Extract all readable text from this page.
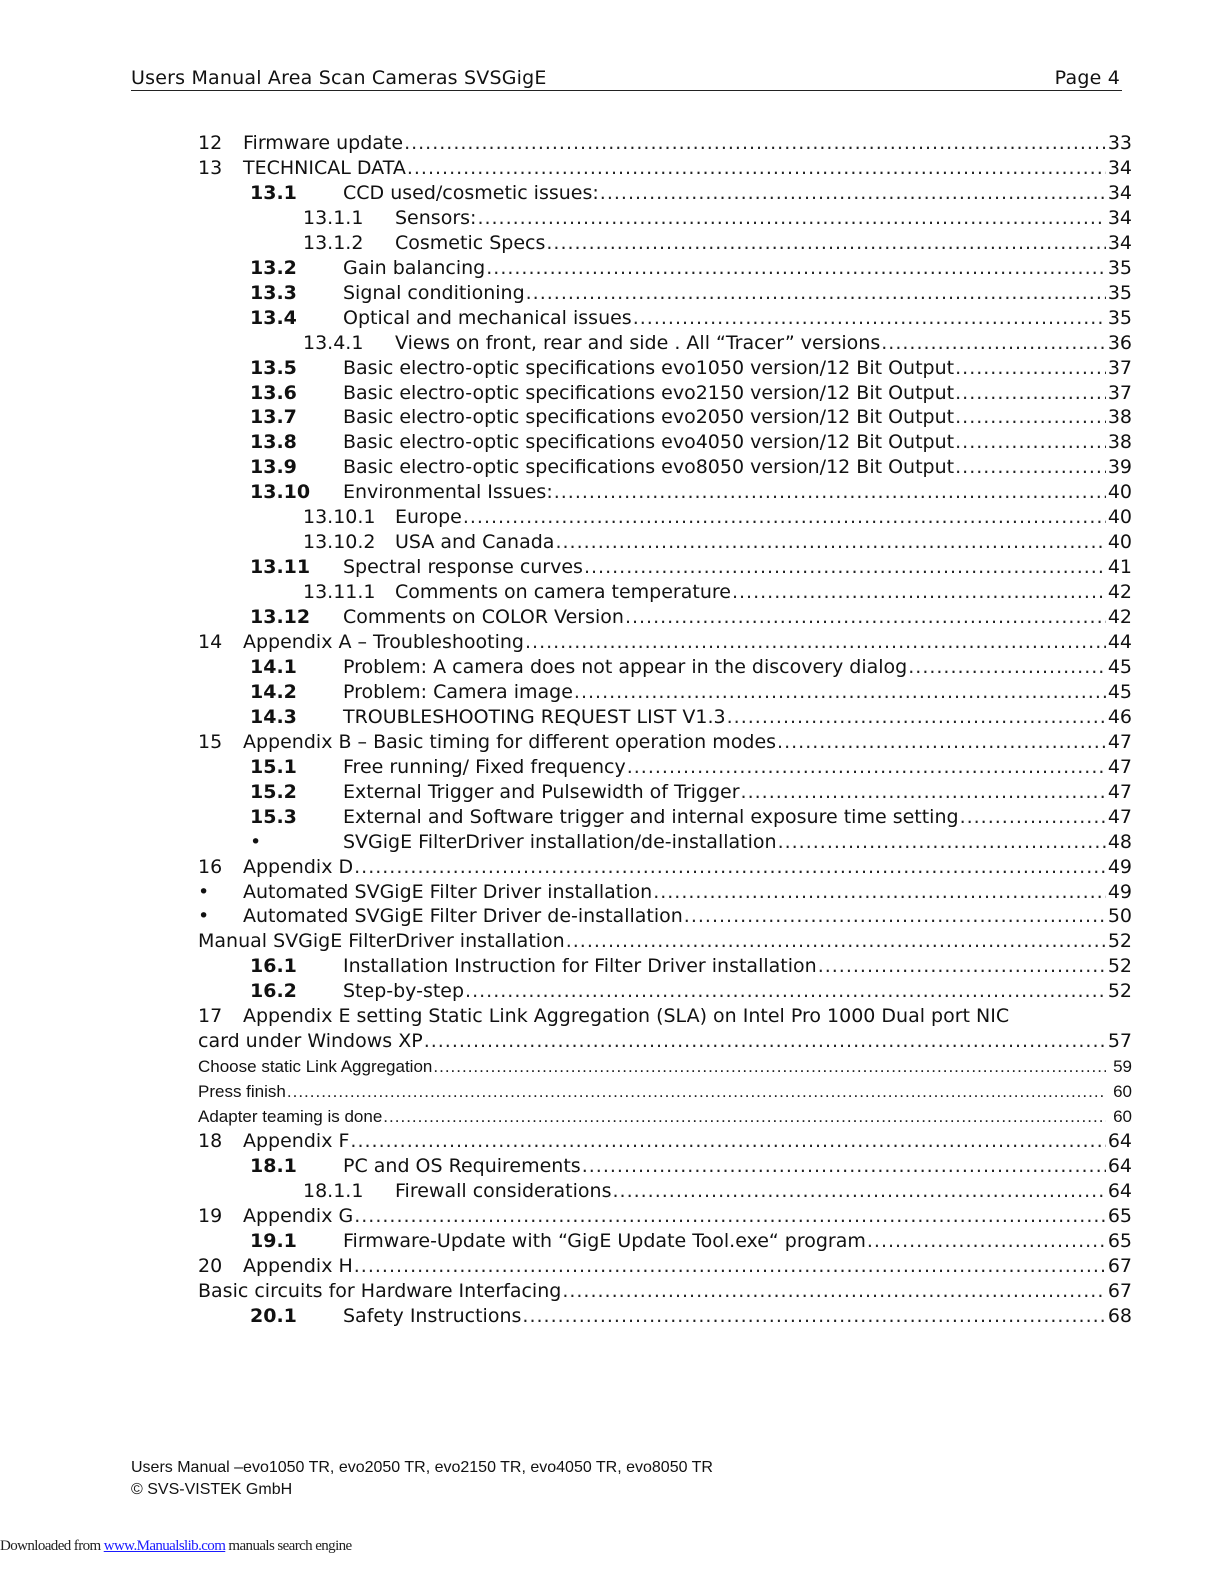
Users Manual Area Scan Cameras SVSGigE	Page 4
12	Firmware update .....	33
13	TECHNICAL DATA .....	34
13.1	CCD used/cosmetic issues: .....	34
13.1.1	Sensors: .....	34
13.1.2	Cosmetic Specs .....	34
13.2	Gain balancing .....	35
13.3	Signal conditioning .....	35
13.4	Optical and mechanical issues .....	35
13.4.1	Views on front, rear and side . All “Tracer” versions .....	36
13.5	Basic electro-optic specifications evo1050 version/12 Bit Output .....	37
13.6	Basic electro-optic specifications evo2150 version/12 Bit Output .....	37
13.7	Basic electro-optic specifications evo2050 version/12 Bit Output .....	38
13.8	Basic electro-optic specifications evo4050 version/12 Bit Output .....	38
13.9	Basic electro-optic specifications evo8050 version/12 Bit Output .....	39
13.10	Environmental Issues: .....	40
13.10.1	Europe .....	40
13.10.2	USA and Canada .....	40
13.11	Spectral response curves .....	41
13.11.1	Comments on camera temperature .....	42
13.12	Comments on COLOR Version .....	42
14	Appendix A – Troubleshooting .....	44
14.1	Problem: A camera does not appear in the discovery dialog .....	45
14.2	Problem: Camera image .....	45
14.3	TROUBLESHOOTING REQUEST LIST V1.3 .....	46
15	Appendix B – Basic timing for different operation modes .....	47
15.1	Free running/ Fixed frequency .....	47
15.2	External Trigger and Pulsewidth of Trigger .....	47
15.3	External and Software trigger and internal exposure time setting .....	47
•	SVGigE FilterDriver installation/de-installation .....	48
16	Appendix D .....	49
•	Automated SVGigE Filter Driver installation .....	49
•	Automated SVGigE Filter Driver de-installation .....	50
Manual SVGigE FilterDriver installation .....	52
16.1	Installation Instruction for Filter Driver installation .....	52
16.2	Step-by-step .....	52
17	Appendix E setting Static Link Aggregation (SLA) on Intel Pro 1000 Dual port NIC
card under Windows XP .....	57
Choose static Link Aggregation .....	59
Press finish .....	60
Adapter teaming is done .....	60
18	Appendix F .....	64
18.1	PC and OS Requirements .....	64
18.1.1	Firewall considerations .....	64
19	Appendix G .....	65
19.1	Firmware-Update with “GigE Update Tool.exe“ program .....	65
20	Appendix H .....	67
Basic circuits for Hardware Interfacing .....	67
20.1	Safety Instructions .....	68
Users Manual –evo1050 TR, evo2050 TR, evo2150 TR, evo4050 TR, evo8050 TR
© SVS-VISTEK GmbH
Downloaded from www.Manualslib.com manuals search engine
